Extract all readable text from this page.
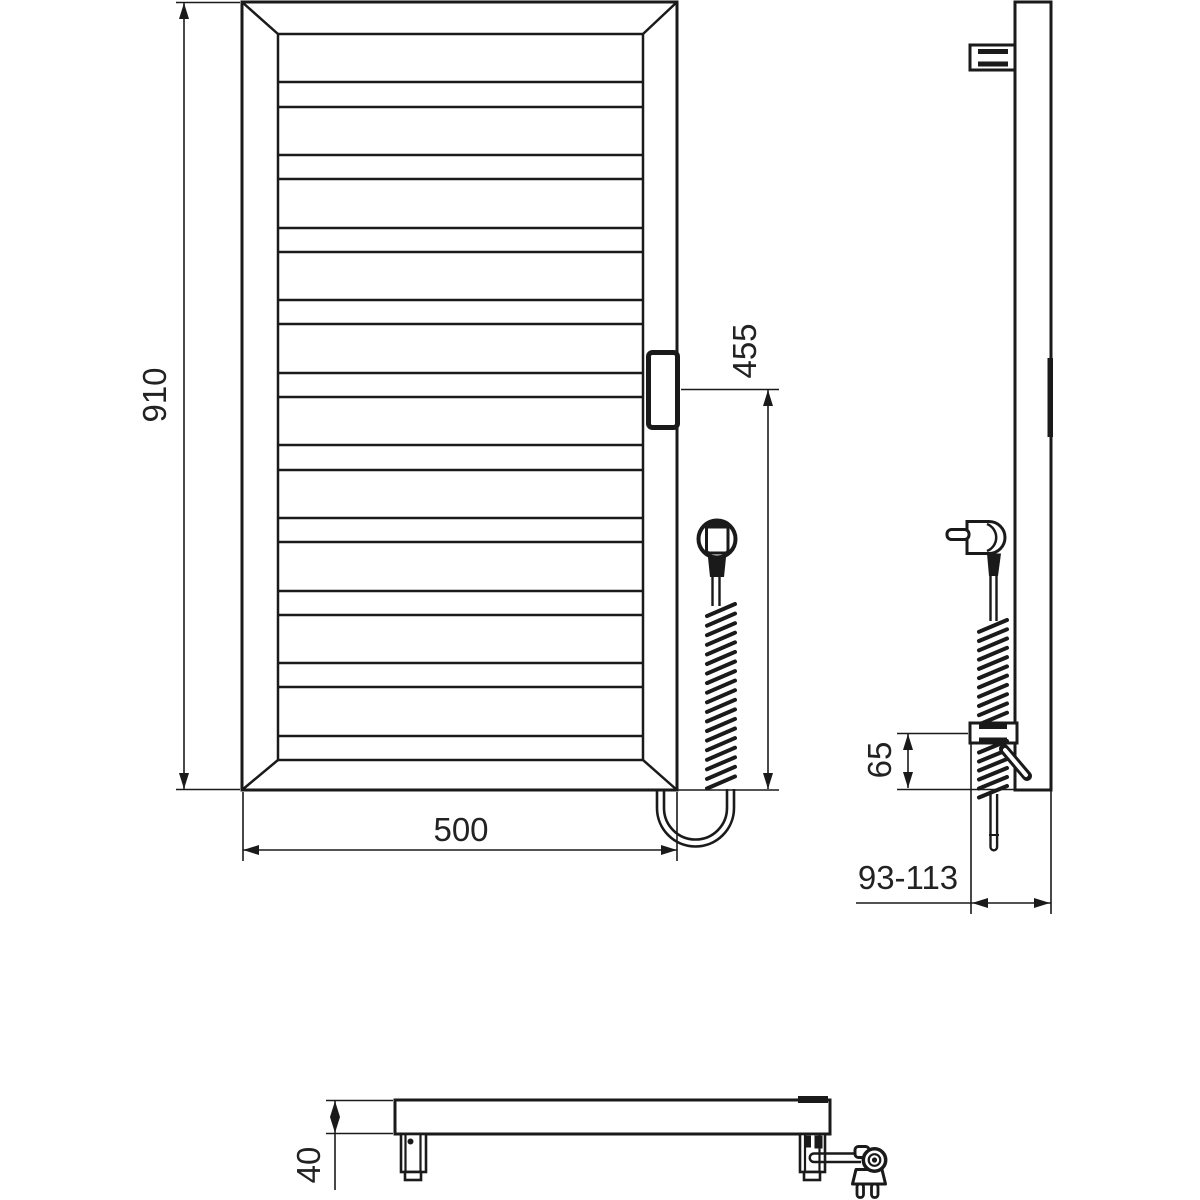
910
455
500
65
93-113
40
